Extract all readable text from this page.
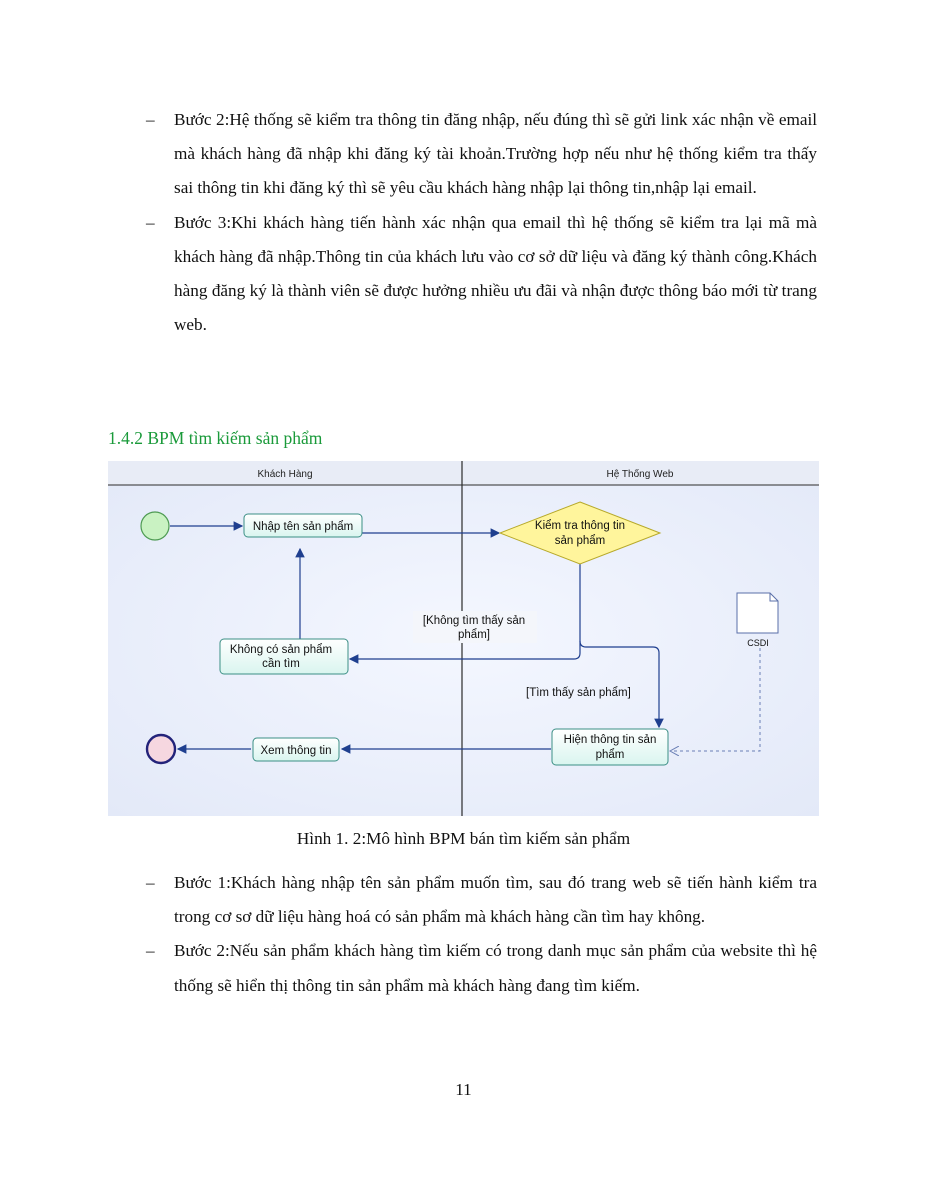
– Bước 2:Hệ thống sẽ kiểm tra thông tin đăng nhập, nếu đúng thì sẽ gửi link xác nhận về email mà khách hàng đã nhập khi đăng ký tài khoản.Trường hợp nếu như hệ thống kiểm tra thấy sai thông tin khi đăng ký thì sẽ yêu cầu khách hàng nhập lại thông tin,nhập lại email.
– Bước 3:Khi khách hàng tiến hành xác nhận qua email thì hệ thống sẽ kiểm tra lại mã mà khách hàng đã nhập.Thông tin của khách lưu vào cơ sở dữ liệu và đăng ký thành công.Khách hàng đăng ký là thành viên sẽ được hưởng nhiều ưu đãi và nhận được thông báo mới từ trang web.
1.4.2 BPM tìm kiếm sản phẩm
Khách Hàng	Hệ Thống Web
Nhập tên sản phẩm	Kiểm tra thông tin
sản phẩm
Không có sản phẩm
cần tìm
[Không tìm thấy sản
phẩm]
[Tìm thấy sản phẩm]
CSDI
Hiện thông tin sản
phẩm
Xem thông tin
Hình 1. 2:Mô hình BPM bán tìm kiếm sản phẩm
– Bước 1:Khách hàng nhập tên sản phẩm muốn tìm, sau đó trang web sẽ tiến hành kiểm tra trong cơ sơ dữ liệu hàng hoá có sản phẩm mà khách hàng cần tìm hay không.
– Bước 2:Nếu sản phẩm khách hàng tìm kiếm có trong danh mục sản phẩm của website thì hệ thống sẽ hiển thị thông tin sản phẩm mà khách hàng đang tìm kiếm.
11
